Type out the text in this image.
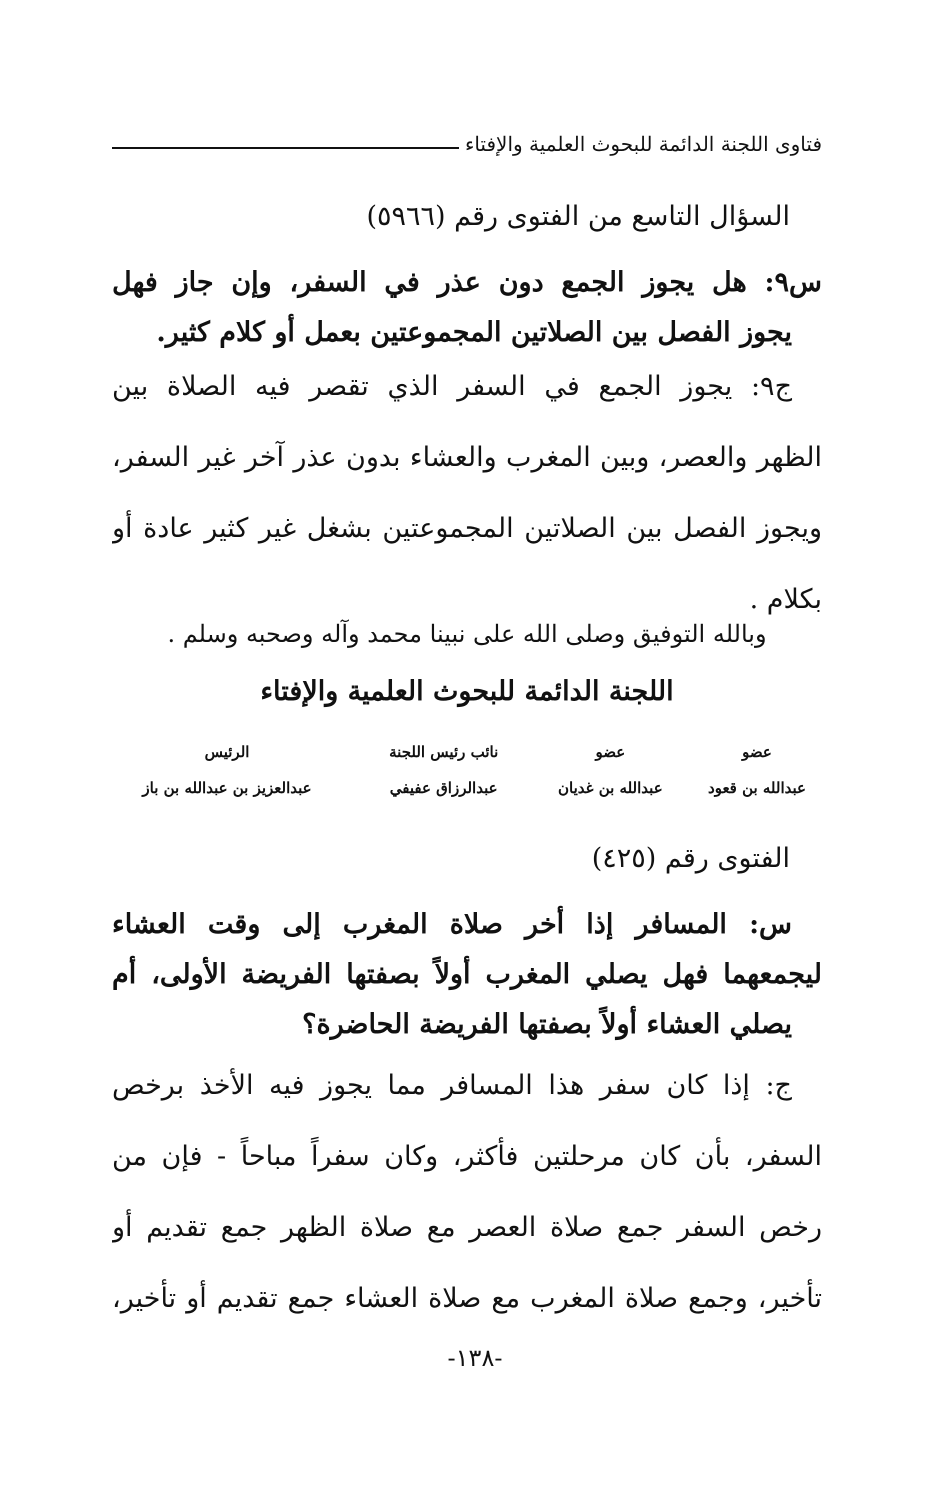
فتاوى اللجنة الدائمة للبحوث العلمية والإفتاء
السؤال التاسع من الفتوى رقم (٥٩٦٦)
س٩: هل يجوز الجمع دون عذر في السفر، وإن جاز فهل
يجوز الفصل بين الصلاتين المجموعتين بعمل أو كلام كثير.
ج٩: يجوز الجمع في السفر الذي تقصر فيه الصلاة بين
الظهر والعصر، وبين المغرب والعشاء بدون عذر آخر غير السفر،
ويجوز الفصل بين الصلاتين المجموعتين بشغل غير كثير عادة أو
بكلام .
وبالله التوفيق وصلى الله على نبينا محمد وآله وصحبه وسلم .
اللجنة الدائمة للبحوث العلمية والإفتاء
عضو
عبدالله بن قعود
عضو
عبدالله بن غديان
نائب رئيس اللجنة
عبدالرزاق عفيفي
الرئيس
عبدالعزيز بن عبدالله بن باز
الفتوى رقم (٤٢٥)
س: المسافر إذا أخر صلاة المغرب إلى وقت العشاء
ليجمعهما فهل يصلي المغرب أولاً بصفتها الفريضة الأولى، أم
يصلي العشاء أولاً بصفتها الفريضة الحاضرة؟
ج: إذا كان سفر هذا المسافر مما يجوز فيه الأخذ برخص
السفر، بأن كان مرحلتين فأكثر، وكان سفراً مباحاً - فإن من
رخص السفر جمع صلاة العصر مع صلاة الظهر جمع تقديم أو
تأخير، وجمع صلاة المغرب مع صلاة العشاء جمع تقديم أو تأخير،
-١٣٨-
